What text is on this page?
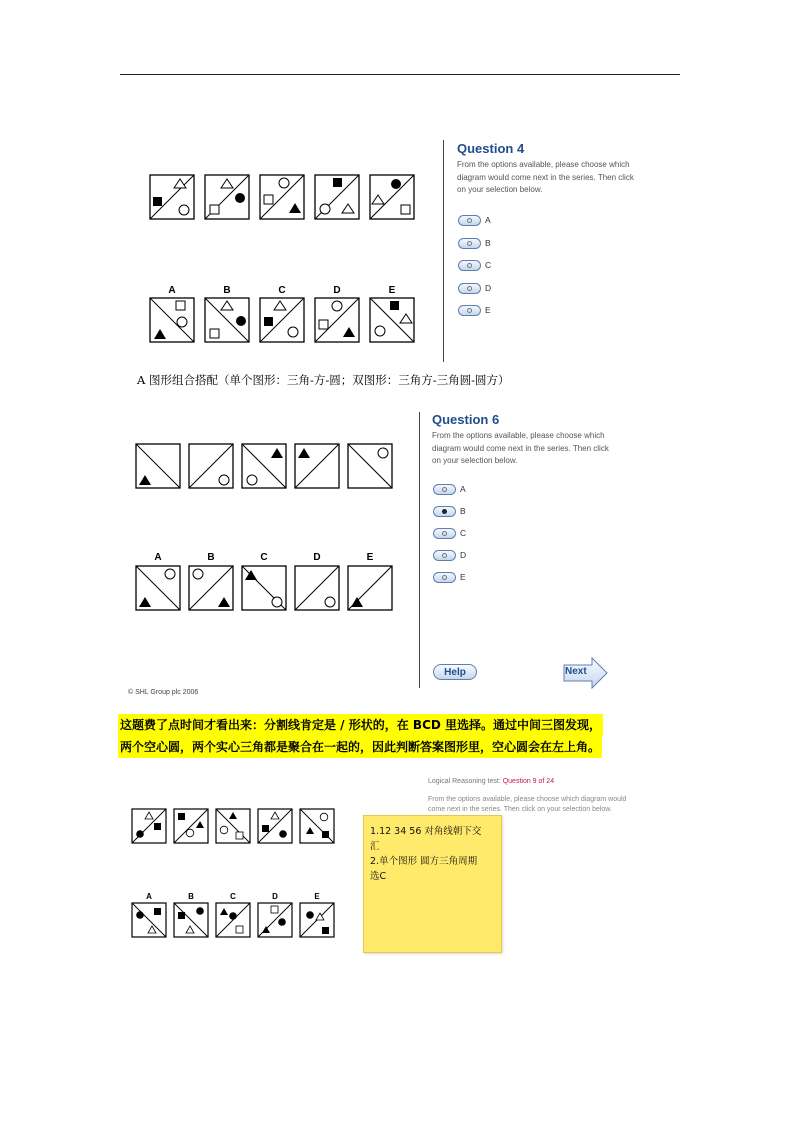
A	B	C	D	E
Question 4
From the options available, please choose which
diagram would come next in the series. Then click
on your selection below.
A
B
C
D
E
A 图形组合搭配（单个图形：三角-方-圆；双图形：三角方-三角圆-圆方）
A	B	C	D	E
Question 6
From the options available, please choose which
diagram would come next in the series. Then click
on your selection below.
A
B
C
D
E
Help	Next
© SHL Group plc 2006
这题费了点时间才看出来：分割线肯定是 / 形状的，在 BCD 里选择。通过中间三图发现，
两个空心圆，两个实心三角都是聚合在一起的，因此判断答案图形里，空心圆会在左上角。
Logical Reasoning test: Question 9 of 24
From the options available, please choose which diagram would
come next in the series. Then click on your selection below.
A	B	C	D	E
1.12 34 56 对角线朝下交
汇
2.单个图形 圆方三角周期
选C
